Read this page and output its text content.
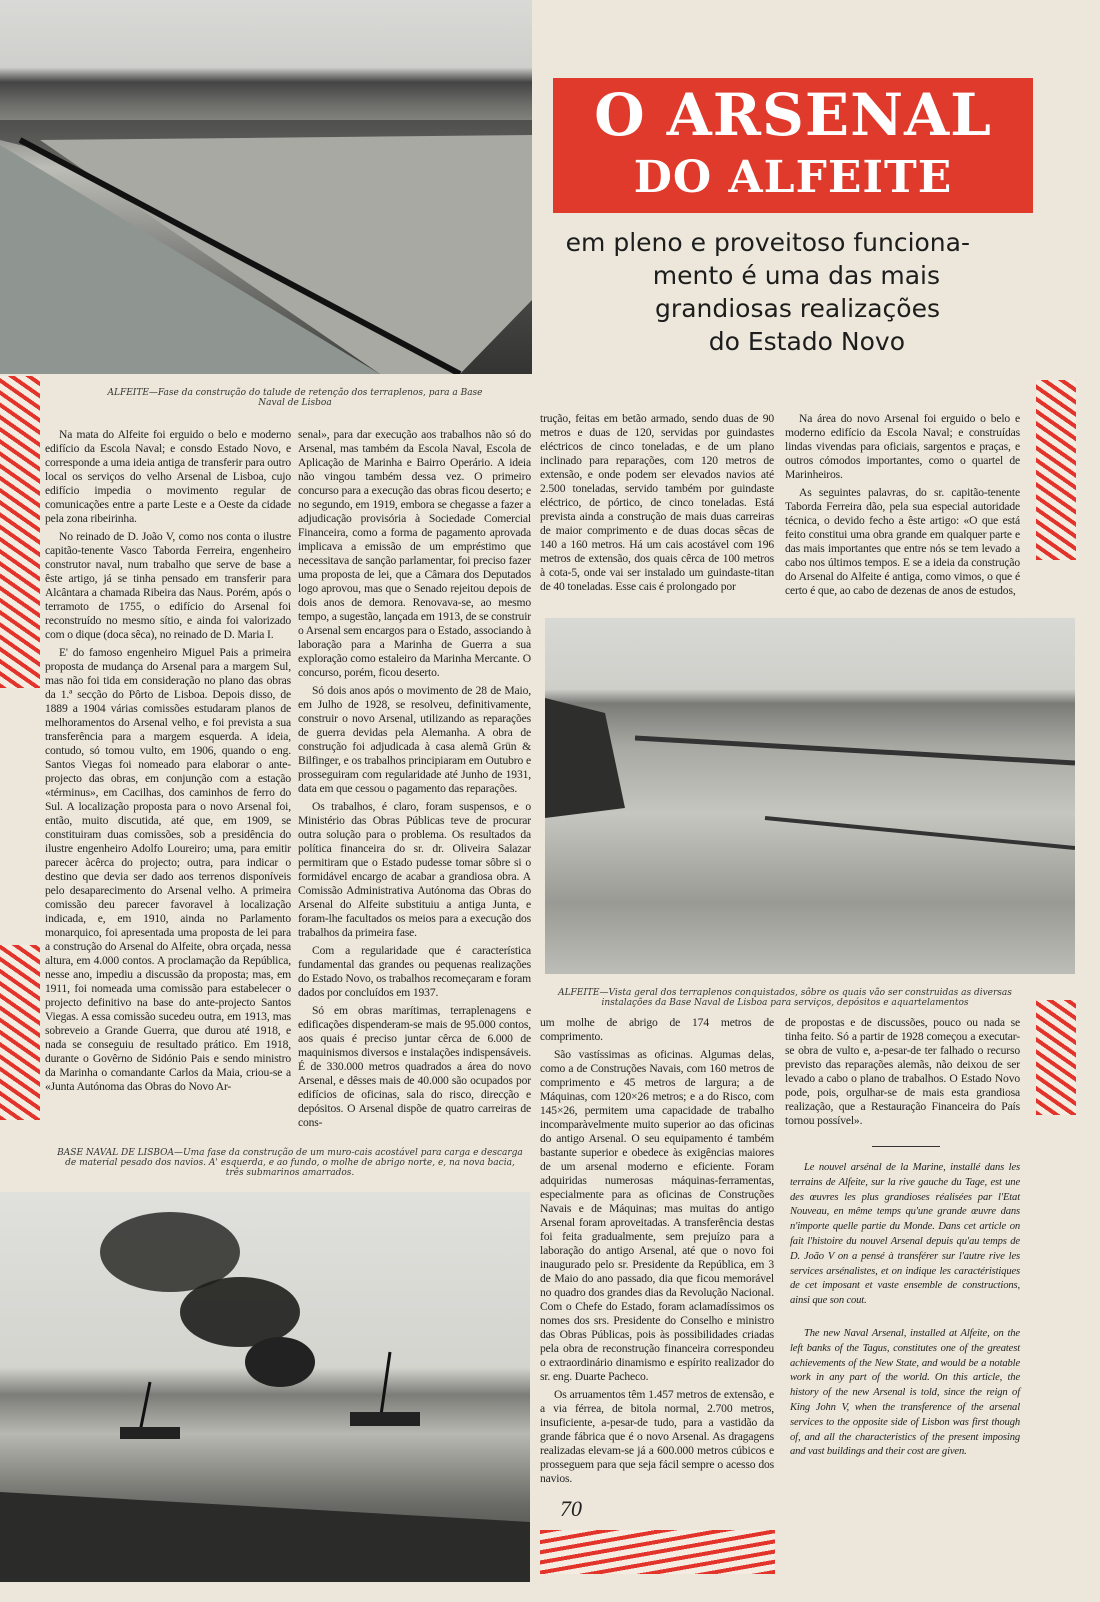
O ARSENAL
DO ALFEITE
em pleno e proveitoso funciona-
mento é uma das mais
grandiosas realizações
do Estado Novo
ALFEITE—Fase da construção do talude de retenção dos terraplenos, para a Base Naval de Lisboa

Na mata do Alfeite foi erguido o belo e moderno edifício da Escola Naval; e consdo Estado Novo, e corresponde a uma ideia antiga de transferir para outro local os serviços do velho Arsenal de Lisboa, cujo edifício impedia o movimento regular de comunicações entre a parte Leste e a Oeste da cidade pela zona ribeirinha.

No reinado de D. João V, como nos conta o ilustre capitão-tenente Vasco Taborda Ferreira, engenheiro construtor naval, num trabalho que serve de base a êste artigo, já se tinha pensado em transferir para Alcântara a chamada Ribeira das Naus. Porém, após o terramoto de 1755, o edifício do Arsenal foi reconstruído no mesmo sítio, e ainda foi valorizado com o dique (doca sêca), no reinado de D. Maria I.

E' do famoso engenheiro Miguel Pais a primeira proposta de mudança do Arsenal para a margem Sul, mas não foi tida em consideração no plano das obras da 1.ª secção do Pôrto de Lisboa. Depois disso, de 1889 a 1904 várias comissões estudaram planos de melhoramentos do Arsenal velho, e foi prevista a sua transferência para a margem esquerda. A ideia, contudo, só tomou vulto, em 1906, quando o eng. Santos Viegas foi nomeado para elaborar o ante-projecto das obras, em conjunção com a estação «términus», em Cacilhas, dos caminhos de ferro do Sul. A localização proposta para o novo Arsenal foi, então, muito discutida, até que, em 1909, se constituiram duas comissões, sob a presidência do ilustre engenheiro Adolfo Loureiro; uma, para emitir parecer àcêrca do projecto; outra, para indicar o destino que devia ser dado aos terrenos disponíveis pelo desaparecimento do Arsenal velho. A primeira comissão deu parecer favoravel à localização indicada, e, em 1910, ainda no Parlamento monarquico, foi apresentada uma proposta de lei para a construção do Arsenal do Alfeite, obra orçada, nessa altura, em 4.000 contos. A proclamação da República, nesse ano, impediu a discussão da proposta; mas, em 1911, foi nomeada uma comissão para estabelecer o projecto definitivo na base do ante-projecto Santos Viegas. A essa comissão sucedeu outra, em 1913, mas sobreveio a Grande Guerra, que durou até 1918, e nada se conseguiu de resultado prático. Em 1918, durante o Govêrno de Sidónio Pais e sendo ministro da Marinha o comandante Carlos da Maia, criou-se a «Junta Autónoma das Obras do Novo Ar-

senal», para dar execução aos trabalhos não só do Arsenal, mas também da Escola Naval, Escola de Aplicação de Marinha e Bairro Operário. A ideia não vingou também dessa vez. O primeiro concurso para a execução das obras ficou deserto; e no segundo, em 1919, embora se chegasse a fazer a adjudicação provisória à Sociedade Comercial Financeira, como a forma de pagamento aprovada implicava a emissão de um empréstimo que necessitava de sanção parlamentar, foi preciso fazer uma proposta de lei, que a Câmara dos Deputados logo aprovou, mas que o Senado rejeitou depois de dois anos de demora. Renovava-se, ao mesmo tempo, a sugestão, lançada em 1913, de se construir o Arsenal sem encargos para o Estado, associando à laboração para a Marinha de Guerra a sua exploração como estaleiro da Marinha Mercante. O concurso, porém, ficou deserto.

Só dois anos após o movimento de 28 de Maio, em Julho de 1928, se resolveu, definitivamente, construir o novo Arsenal, utilizando as reparações de guerra devidas pela Alemanha. A obra de construção foi adjudicada à casa alemã Grün & Bilfinger, e os trabalhos principiaram em Outubro e prosseguiram com regularidade até Junho de 1931, data em que cessou o pagamento das reparações.

Os trabalhos, é claro, foram suspensos, e o Ministério das Obras Públicas teve de procurar outra solução para o problema. Os resultados da política financeira do sr. dr. Oliveira Salazar permitiram que o Estado pudesse tomar sôbre si o formidável encargo de acabar a grandiosa obra. A Comissão Administrativa Autónoma das Obras do Arsenal do Alfeite substituiu a antiga Junta, e foram-lhe facultados os meios para a execução dos trabalhos da primeira fase.

Com a regularidade que é característica fundamental das grandes ou pequenas realizações do Estado Novo, os trabalhos recomeçaram e foram dados por concluídos em 1937.

Só em obras marítimas, terraplenagens e edificações dispenderam-se mais de 95.000 contos, aos quais é preciso juntar cêrca de 6.000 de maquinismos diversos e instalações indispensáveis. É de 330.000 metros quadrados a área do novo Arsenal, e dêsses mais de 40.000 são ocupados por edifícios de oficinas, sala do risco, direcção e depósitos. O Arsenal dispõe de quatro carreiras de cons-

BASE NAVAL DE LISBOA—Uma fase da construção de um muro-cais acostável para carga e descarga de material pesado dos navios. A' esquerda, e ao fundo, o molhe de abrigo norte, e, na nova bacia, três submarinos amarrados.

trução, feitas em betão armado, sendo duas de 90 metros e duas de 120, servidas por guindastes eléctricos de cinco toneladas, e de um plano inclinado para reparações, com 120 metros de extensão, e onde podem ser elevados navios até 2.500 toneladas, servido também por guindaste eléctrico, de pórtico, de cinco toneladas. Está prevista ainda a construção de mais duas carreiras de maior comprimento e de duas docas sêcas de 140 a 160 metros. Há um cais acostável com 196 metros de extensão, dos quais cêrca de 100 metros à cota-5, onde vai ser instalado um guindaste-titan de 40 toneladas. Esse cais é prolongado por

Na área do novo Arsenal foi erguido o belo e moderno edifício da Escola Naval; e construídas lindas vivendas para oficiais, sargentos e praças, e outros cómodos importantes, como o quartel de Marinheiros.

As seguintes palavras, do sr. capitão-tenente Taborda Ferreira dão, pela sua especial autoridade técnica, o devido fecho a êste artigo: «O que está feito constitui uma obra grande em qualquer parte e das mais importantes que entre nós se tem levado a cabo nos últimos tempos. E se a ideia da construção do Arsenal do Alfeite é antiga, como vimos, o que é certo é que, ao cabo de dezenas de anos de estudos,

ALFEITE—Vista geral dos terraplenos conquistados, sôbre os quais vão ser construidas as diversas instalações da Base Naval de Lisboa para serviços, depósitos e aquartelamentos

um molhe de abrigo de 174 metros de comprimento.

São vastíssimas as oficinas. Algumas delas, como a de Construções Navais, com 160 metros de comprimento e 45 metros de largura; a de Máquinas, com 120×26 metros; e a do Risco, com 145×26, permitem uma capacidade de trabalho incomparàvelmente muito superior ao das oficinas do antigo Arsenal. O seu equipamento é também bastante superior e obedece às exigências maiores de um arsenal moderno e eficiente. Foram adquiridas numerosas máquinas-ferramentas, especialmente para as oficinas de Construções Navais e de Máquinas; mas muitas do antigo Arsenal foram aproveitadas. A transferência destas foi feita gradualmente, sem prejuízo para a laboração do antigo Arsenal, até que o novo foi inaugurado pelo sr. Presidente da República, em 3 de Maio do ano passado, dia que ficou memorável no quadro dos grandes dias da Revolução Nacional. Com o Chefe do Estado, foram aclamadíssimos os nomes dos srs. Presidente do Conselho e ministro das Obras Públicas, pois às possibilidades criadas pela obra de reconstrução financeira correspondeu o extraordinário dinamismo e espírito realizador do sr. eng. Duarte Pacheco.

Os arruamentos têm 1.457 metros de extensão, e a via férrea, de bitola normal, 2.700 metros, insuficiente, a-pesar-de tudo, para a vastidão da grande fábrica que é o novo Arsenal. As dragagens realizadas elevam-se já a 600.000 metros cúbicos e prosseguem para que seja fácil sempre o acesso dos navios.

70

de propostas e de discussões, pouco ou nada se tinha feito. Só a partir de 1928 começou a executar-se obra de vulto e, a-pesar-de ter falhado o recurso previsto das reparações alemãs, não deixou de ser levado a cabo o plano de trabalhos. O Estado Novo pode, pois, orgulhar-se de mais esta grandiosa realização, que a Restauração Financeira do País tornou possível».

Le nouvel arsénal de la Marine, installé dans les terrains de Alfeite, sur la rive gauche du Tage, est une des œuvres les plus grandioses réalisées par l'Etat Nouveau, en même temps qu'une grande œuvre dans n'importe quelle partie du Monde. Dans cet article on fait l'histoire du nouvel Arsenal depuis qu'au temps de D. João V on a pensé à transférer sur l'autre rive les services arsénalistes, et on indique les caractéristiques de cet imposant et vaste ensemble de constructions, ainsi que son cout.

The new Naval Arsenal, installed at Alfeite, on the left banks of the Tagus, constitutes one of the greatest achievements of the New State, and would be a notable work in any part of the world. On this article, the history of the new Arsenal is told, since the reign of King John V, when the transference of the arsenal services to the opposite side of Lisbon was first though of, and all the characteristics of the present imposing and vast buildings and their cost are given.
